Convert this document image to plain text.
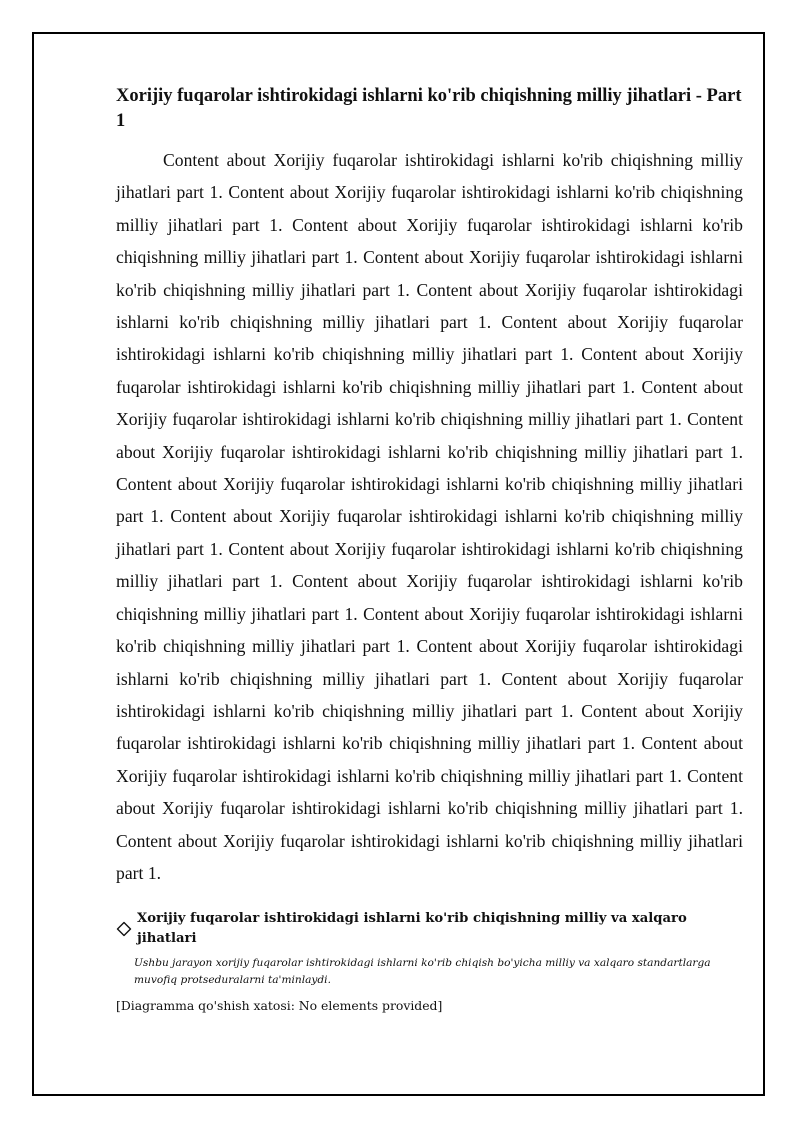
Xorijiy fuqarolar ishtirokidagi ishlarni ko'rib chiqishning milliy jihatlari - Part 1

Content about Xorijiy fuqarolar ishtirokidagi ishlarni ko'rib chiqishning milliy jihatlari part 1. Content about Xorijiy fuqarolar ishtirokidagi ishlarni ko'rib chiqishning milliy jihatlari part 1. Content about Xorijiy fuqarolar ishtirokidagi ishlarni ko'rib chiqishning milliy jihatlari part 1. Content about Xorijiy fuqarolar ishtirokidagi ishlarni ko'rib chiqishning milliy jihatlari part 1. Content about Xorijiy fuqarolar ishtirokidagi ishlarni ko'rib chiqishning milliy jihatlari part 1. Content about Xorijiy fuqarolar ishtirokidagi ishlarni ko'rib chiqishning milliy jihatlari part 1. Content about Xorijiy fuqarolar ishtirokidagi ishlarni ko'rib chiqishning milliy jihatlari part 1. Content about Xorijiy fuqarolar ishtirokidagi ishlarni ko'rib chiqishning milliy jihatlari part 1. Content about Xorijiy fuqarolar ishtirokidagi ishlarni ko'rib chiqishning milliy jihatlari part 1. Content about Xorijiy fuqarolar ishtirokidagi ishlarni ko'rib chiqishning milliy jihatlari part 1. Content about Xorijiy fuqarolar ishtirokidagi ishlarni ko'rib chiqishning milliy jihatlari part 1. Content about Xorijiy fuqarolar ishtirokidagi ishlarni ko'rib chiqishning milliy jihatlari part 1. Content about Xorijiy fuqarolar ishtirokidagi ishlarni ko'rib chiqishning milliy jihatlari part 1. Content about Xorijiy fuqarolar ishtirokidagi ishlarni ko'rib chiqishning milliy jihatlari part 1. Content about Xorijiy fuqarolar ishtirokidagi ishlarni ko'rib chiqishning milliy jihatlari part 1. Content about Xorijiy fuqarolar ishtirokidagi ishlarni ko'rib chiqishning milliy jihatlari part 1. Content about Xorijiy fuqarolar ishtirokidagi ishlarni ko'rib chiqishning milliy jihatlari part 1. Content about Xorijiy fuqarolar ishtirokidagi ishlarni ko'rib chiqishning milliy jihatlari part 1. Content about Xorijiy fuqarolar ishtirokidagi ishlarni ko'rib chiqishning milliy jihatlari part 1. Content about Xorijiy fuqarolar ishtirokidagi ishlarni ko'rib chiqishning milliy jihatlari part 1.

Xorijiy fuqarolar ishtirokidagi ishlarni ko'rib chiqishning milliy va xalqaro jihatlari
Ushbu jarayon xorijiy fuqarolar ishtirokidagi ishlarni ko'rib chiqish bo'yicha milliy va xalqaro standartlarga muvofiq protseduralarni ta'minlaydi.
[Diagramma qo'shish xatosi: No elements provided]
